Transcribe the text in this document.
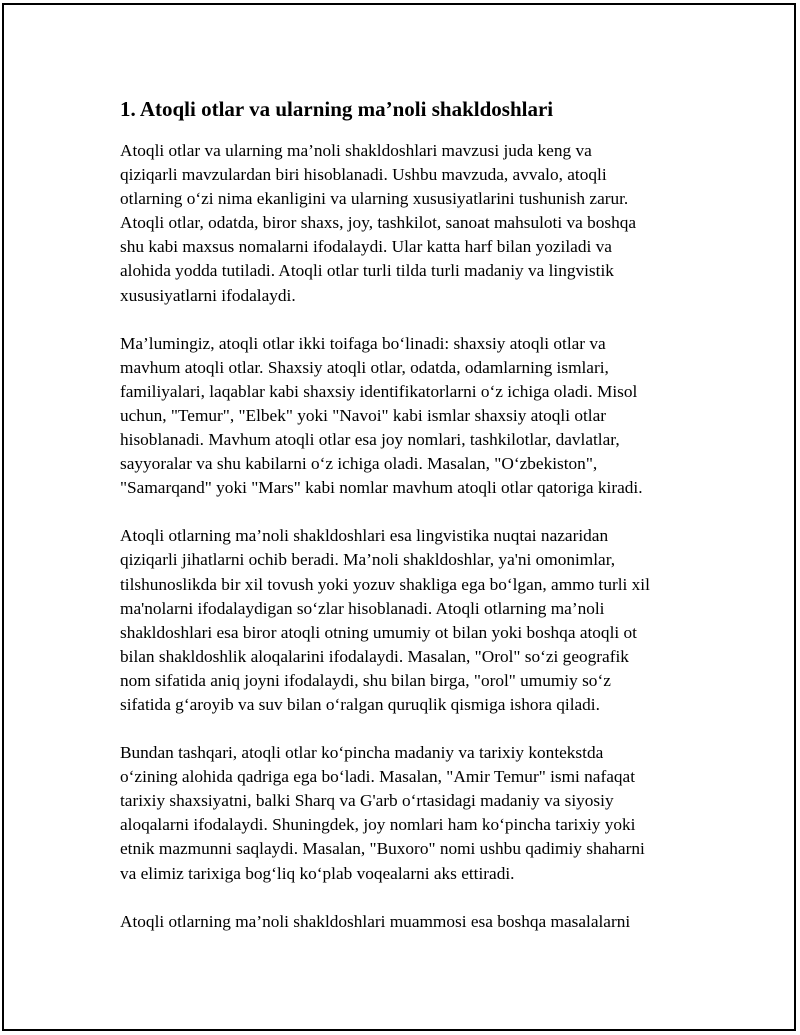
1. Atoqli otlar va ularning ma’noli shakldoshlari
Atoqli otlar va ularning ma’noli shakldoshlari mavzusi juda keng va
qiziqarli mavzulardan biri hisoblanadi. Ushbu mavzuda, avvalo, atoqli
otlarning o‘zi nima ekanligini va ularning xususiyatlarini tushunish zarur.
Atoqli otlar, odatda, biror shaxs, joy, tashkilot, sanoat mahsuloti va boshqa
shu kabi maxsus nomalarni ifodalaydi. Ular katta harf bilan yoziladi va
alohida yodda tutiladi. Atoqli otlar turli tilda turli madaniy va lingvistik
xususiyatlarni ifodalaydi.
Ma’lumingiz, atoqli otlar ikki toifaga bo‘linadi: shaxsiy atoqli otlar va
mavhum atoqli otlar. Shaxsiy atoqli otlar, odatda, odamlarning ismlari,
familiyalari, laqablar kabi shaxsiy identifikatorlarni o‘z ichiga oladi. Misol
uchun, "Temur", "Elbek" yoki "Navoi" kabi ismlar shaxsiy atoqli otlar
hisoblanadi. Mavhum atoqli otlar esa joy nomlari, tashkilotlar, davlatlar,
sayyoralar va shu kabilarni o‘z ichiga oladi. Masalan, "O‘zbekiston",
"Samarqand" yoki "Mars" kabi nomlar mavhum atoqli otlar qatoriga kiradi.
Atoqli otlarning ma’noli shakldoshlari esa lingvistika nuqtai nazaridan
qiziqarli jihatlarni ochib beradi. Ma’noli shakldoshlar, ya'ni omonimlar,
tilshunoslikda bir xil tovush yoki yozuv shakliga ega bo‘lgan, ammo turli xil
ma'nolarni ifodalaydigan so‘zlar hisoblanadi. Atoqli otlarning ma’noli
shakldoshlari esa biror atoqli otning umumiy ot bilan yoki boshqa atoqli ot
bilan shakldoshlik aloqalarini ifodalaydi. Masalan, "Orol" so‘zi geografik
nom sifatida aniq joyni ifodalaydi, shu bilan birga, "orol" umumiy so‘z
sifatida g‘aroyib va suv bilan o‘ralgan quruqlik qismiga ishora qiladi.
Bundan tashqari, atoqli otlar ko‘pincha madaniy va tarixiy kontekstda
o‘zining alohida qadriga ega bo‘ladi. Masalan, "Amir Temur" ismi nafaqat
tarixiy shaxsiyatni, balki Sharq va G'arb o‘rtasidagi madaniy va siyosiy
aloqalarni ifodalaydi. Shuningdek, joy nomlari ham ko‘pincha tarixiy yoki
etnik mazmunni saqlaydi. Masalan, "Buxoro" nomi ushbu qadimiy shaharni
va elimiz tarixiga bog‘liq ko‘plab voqealarni aks ettiradi.
Atoqli otlarning ma’noli shakldoshlari muammosi esa boshqa masalalarni
